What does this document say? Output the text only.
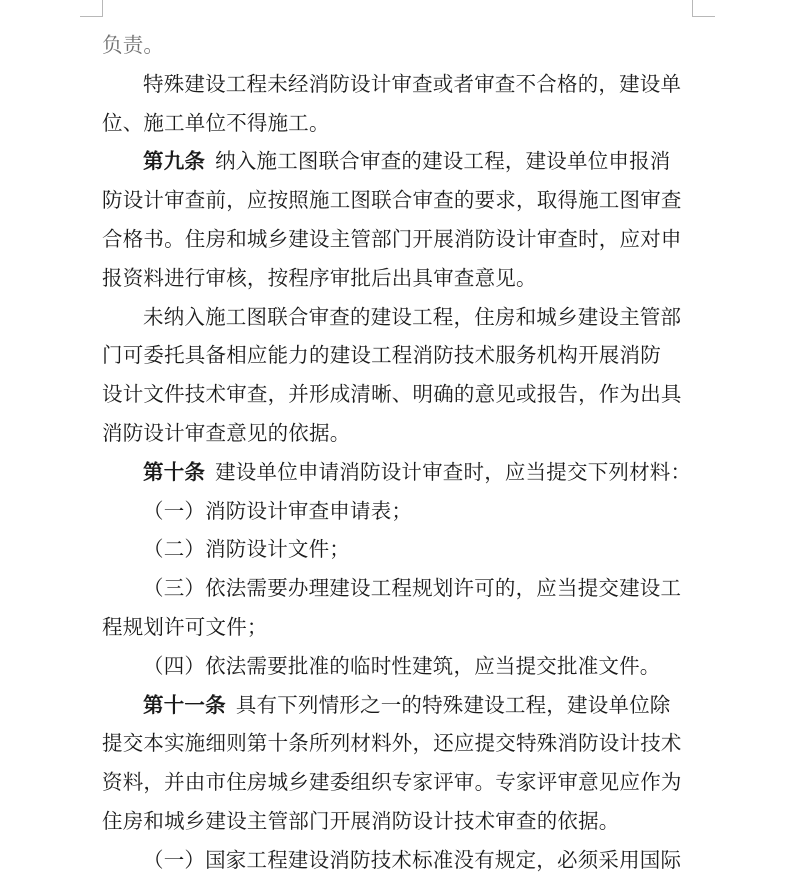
负责。
特殊建设工程未经消防设计审查或者审查不合格的，建设单
位、施工单位不得施工。
第九条 纳入施工图联合审查的建设工程，建设单位申报消
防设计审查前，应按照施工图联合审查的要求，取得施工图审查
合格书。住房和城乡建设主管部门开展消防设计审查时，应对申
报资料进行审核，按程序审批后出具审查意见。
未纳入施工图联合审查的建设工程，住房和城乡建设主管部
门可委托具备相应能力的建设工程消防技术服务机构开展消防
设计文件技术审查，并形成清晰、明确的意见或报告，作为出具
消防设计审查意见的依据。
第十条 建设单位申请消防设计审查时，应当提交下列材料：
（一）消防设计审查申请表；
（二）消防设计文件；
（三）依法需要办理建设工程规划许可的，应当提交建设工
程规划许可文件；
（四）依法需要批准的临时性建筑，应当提交批准文件。
第十一条 具有下列情形之一的特殊建设工程，建设单位除
提交本实施细则第十条所列材料外，还应提交特殊消防设计技术
资料，并由市住房城乡建委组织专家评审。专家评审意见应作为
住房和城乡建设主管部门开展消防设计技术审查的依据。
（一）国家工程建设消防技术标准没有规定，必须采用国际
